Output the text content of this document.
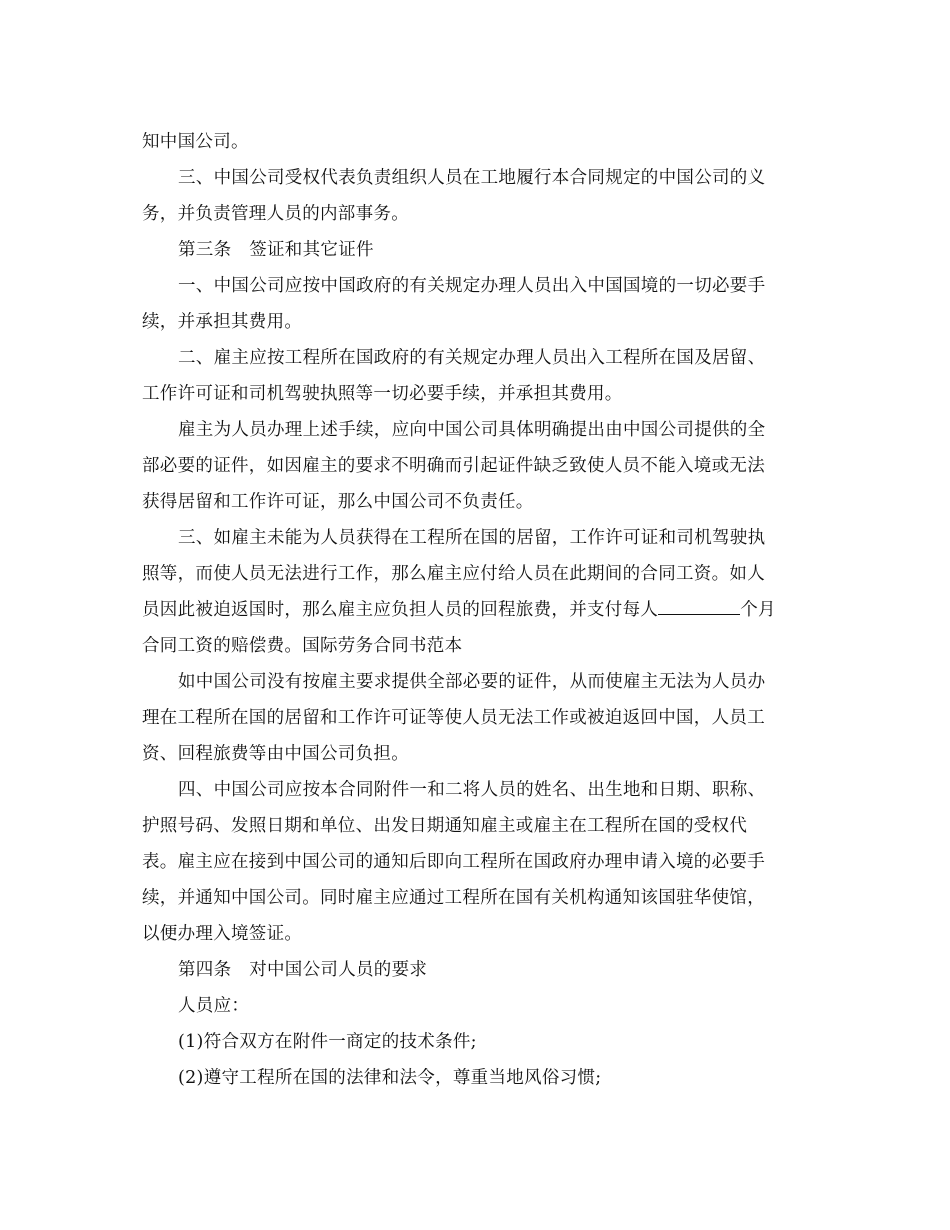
知中国公司。
三、中国公司受权代表负责组织人员在工地履行本合同规定的中国公司的义
务，并负责管理人员的内部事务。
第三条　签证和其它证件
一、中国公司应按中国政府的有关规定办理人员出入中国国境的一切必要手
续，并承担其费用。
二、雇主应按工程所在国政府的有关规定办理人员出入工程所在国及居留、
工作许可证和司机驾驶执照等一切必要手续，并承担其费用。
雇主为人员办理上述手续，应向中国公司具体明确提出由中国公司提供的全
部必要的证件，如因雇主的要求不明确而引起证件缺乏致使人员不能入境或无法
获得居留和工作许可证，那么中国公司不负责任。
三、如雇主未能为人员获得在工程所在国的居留，工作许可证和司机驾驶执
照等，而使人员无法进行工作，那么雇主应付给人员在此期间的合同工资。如人
员因此被迫返国时，那么雇主应负担人员的回程旅费，并支付每人	个月
合同工资的赔偿费。国际劳务合同书范本
如中国公司没有按雇主要求提供全部必要的证件，从而使雇主无法为人员办
理在工程所在国的居留和工作许可证等使人员无法工作或被迫返回中国，人员工
资、回程旅费等由中国公司负担。
四、中国公司应按本合同附件一和二将人员的姓名、出生地和日期、职称、
护照号码、发照日期和单位、出发日期通知雇主或雇主在工程所在国的受权代
表。雇主应在接到中国公司的通知后即向工程所在国政府办理申请入境的必要手
续，并通知中国公司。同时雇主应通过工程所在国有关机构通知该国驻华使馆，
以便办理入境签证。
第四条　对中国公司人员的要求
人员应：
(1)符合双方在附件一商定的技术条件;
(2)遵守工程所在国的法律和法令，尊重当地风俗习惯;
